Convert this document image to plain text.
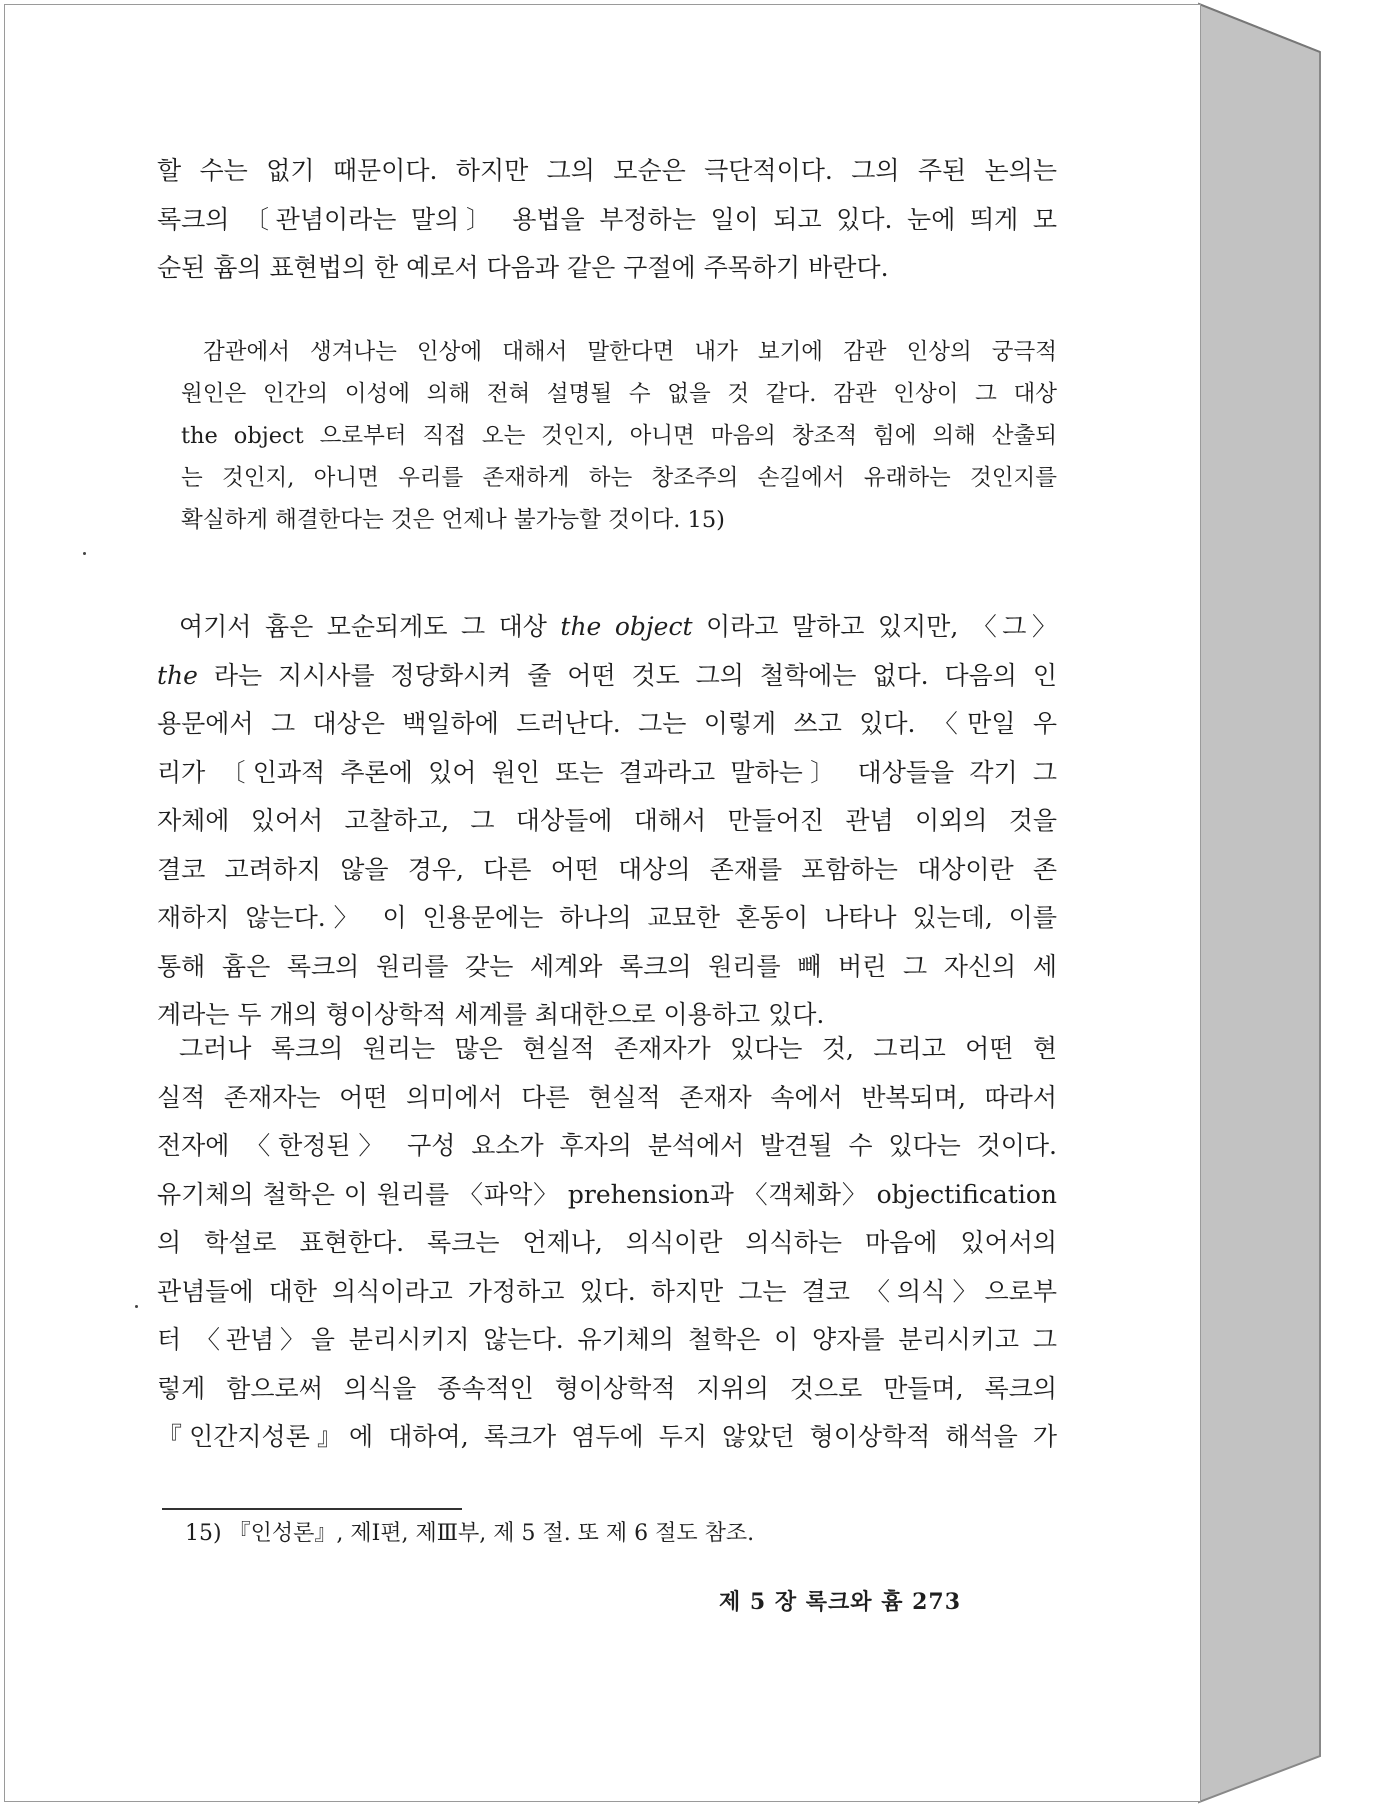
할 수는 없기 때문이다. 하지만 그의 모순은 극단적이다. 그의 주된 논의는
록크의 〔관념이라는 말의〕 용법을 부정하는 일이 되고 있다. 눈에 띄게 모
순된 흄의 표현법의 한 예로서 다음과 같은 구절에 주목하기 바란다.
감관에서 생겨나는 인상에 대해서 말한다면 내가 보기에 감관 인상의 궁극적
원인은 인간의 이성에 의해 전혀 설명될 수 없을 것 같다. 감관 인상이 그 대상
the object 으로부터 직접 오는 것인지, 아니면 마음의 창조적 힘에 의해 산출되
는 것인지, 아니면 우리를 존재하게 하는 창조주의 손길에서 유래하는 것인지를
확실하게 해결한다는 것은 언제나 불가능할 것이다. 15)
여기서 흄은 모순되게도 그 대상 the object 이라고 말하고 있지만, 〈그〉
the 라는 지시사를 정당화시켜 줄 어떤 것도 그의 철학에는 없다. 다음의 인
용문에서 그 대상은 백일하에 드러난다. 그는 이렇게 쓰고 있다. 〈만일 우
리가 〔인과적 추론에 있어 원인 또는 결과라고 말하는〕 대상들을 각기 그
자체에 있어서 고찰하고, 그 대상들에 대해서 만들어진 관념 이외의 것을
결코 고려하지 않을 경우, 다른 어떤 대상의 존재를 포함하는 대상이란 존
재하지 않는다.〉 이 인용문에는 하나의 교묘한 혼동이 나타나 있는데, 이를
통해 흄은 록크의 원리를 갖는 세계와 록크의 원리를 빼 버린 그 자신의 세
계라는 두 개의 형이상학적 세계를 최대한으로 이용하고 있다.
그러나 록크의 원리는 많은 현실적 존재자가 있다는 것, 그리고 어떤 현
실적 존재자는 어떤 의미에서 다른 현실적 존재자 속에서 반복되며, 따라서
전자에 〈한정된〉 구성 요소가 후자의 분석에서 발견될 수 있다는 것이다.
유기체의 철학은 이 원리를 〈파악〉 prehension과 〈객체화〉 objectification
의 학설로 표현한다. 록크는 언제나, 의식이란 의식하는 마음에 있어서의
관념들에 대한 의식이라고 가정하고 있다. 하지만 그는 결코 〈의식〉으로부
터 〈관념〉을 분리시키지 않는다. 유기체의 철학은 이 양자를 분리시키고 그
렇게 함으로써 의식을 종속적인 형이상학적 지위의 것으로 만들며, 록크의
『인간지성론』에 대하여, 록크가 염두에 두지 않았던 형이상학적 해석을 가
15) 『인성론』, 제Ⅰ편, 제Ⅲ부, 제 5 절. 또 제 6 절도 참조.
제 5 장 록크와 흄 273
